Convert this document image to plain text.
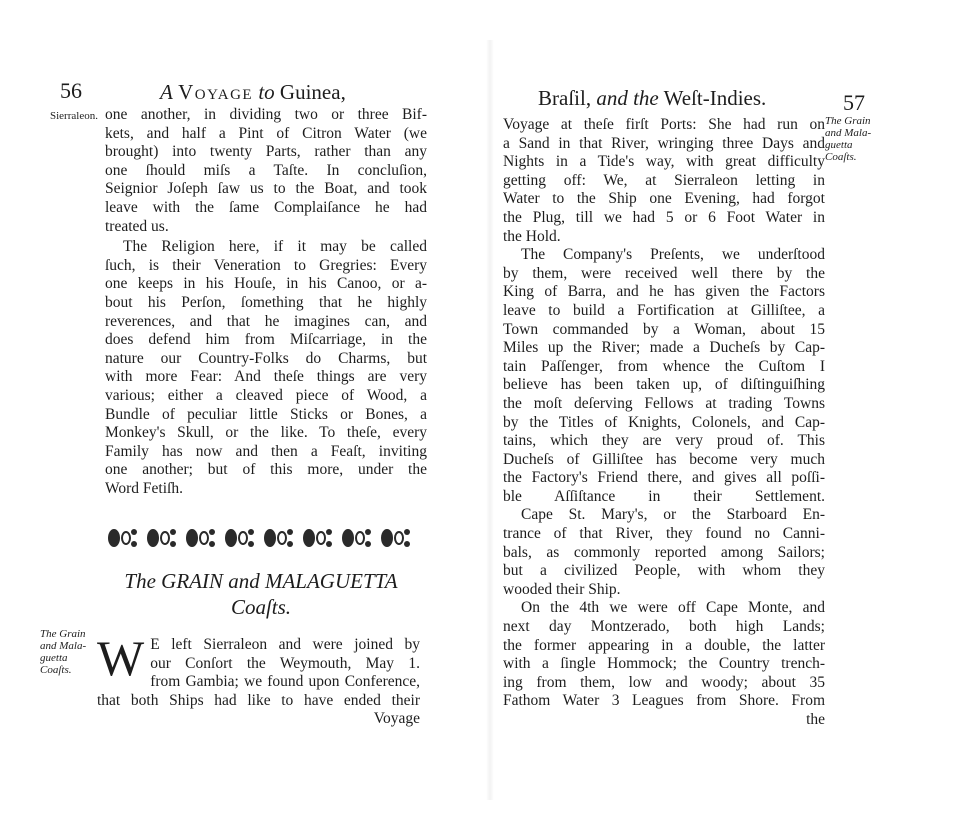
56	A Voyage to Guinea,
Sierraleon. one another, in dividing two or three Bif-
kets, and half a Pint of Citron Water (we
brought) into twenty Parts, rather than any
one ſhould miſs a Taſte. In concluſion,
Seignior Joſeph ſaw us to the Boat, and took
leave with the ſame Complaiſance he had
treated us.
The Religion here, if it may be called
ſuch, is their Veneration to Gregries: Every
one keeps in his Houſe, in his Canoo, or a-
bout his Perſon, ſomething that he highly
reverences, and that he imagines can, and
does defend him from Miſcarriage, in the
nature our Country-Folks do Charms, but
with more Fear: And theſe things are very
various; either a cleaved piece of Wood, a
Bundle of peculiar little Sticks or Bones, a
Monkey's Skull, or the like. To theſe, every
Family has now and then a Feaſt, inviting
one another; but of this more, under the
Word Fetiſh.
The GRAIN and MALAGUETTA
Coaſts.
The Grain
and Mala-
guetta
Coaſts. W E left Sierraleon and were joined by
our Conſort the Weymouth, May 1.
from Gambia; we found upon Conference,
that both Ships had like to have ended their
Voyage
Braſil, and the Weſt-Indies.	57
The Grain
and Mala-
guetta
Coaſts.
Voyage at theſe firſt Ports: She had run on
a Sand in that River, wringing three Days and
Nights in a Tide's way, with great difficulty
getting off: We, at Sierraleon letting in
Water to the Ship one Evening, had forgot
the Plug, till we had 5 or 6 Foot Water in
the Hold.
The Company's Preſents, we underſtood
by them, were received well there by the
King of Barra, and he has given the Factors
leave to build a Fortification at Gilliſtee, a
Town commanded by a Woman, about 15
Miles up the River; made a Ducheſs by Cap-
tain Paſſenger, from whence the Cuſtom I
believe has been taken up, of diſtinguiſhing
the moſt deſerving Fellows at trading Towns
by the Titles of Knights, Colonels, and Cap-
tains, which they are very proud of. This
Ducheſs of Gilliſtee has become very much
the Factory's Friend there, and gives all poſſi-
ble Aſſiſtance in their Settlement.
Cape St. Mary's, or the Starboard En-
trance of that River, they found no Canni-
bals, as commonly reported among Sailors;
but a civilized People, with whom they
wooded their Ship.
On the 4th we were off Cape Monte, and
next day Montzerado, both high Lands;
the former appearing in a double, the latter
with a ſingle Hommock; the Country trench-
ing from them, low and woody; about 35
Fathom Water 3 Leagues from Shore. From
the
